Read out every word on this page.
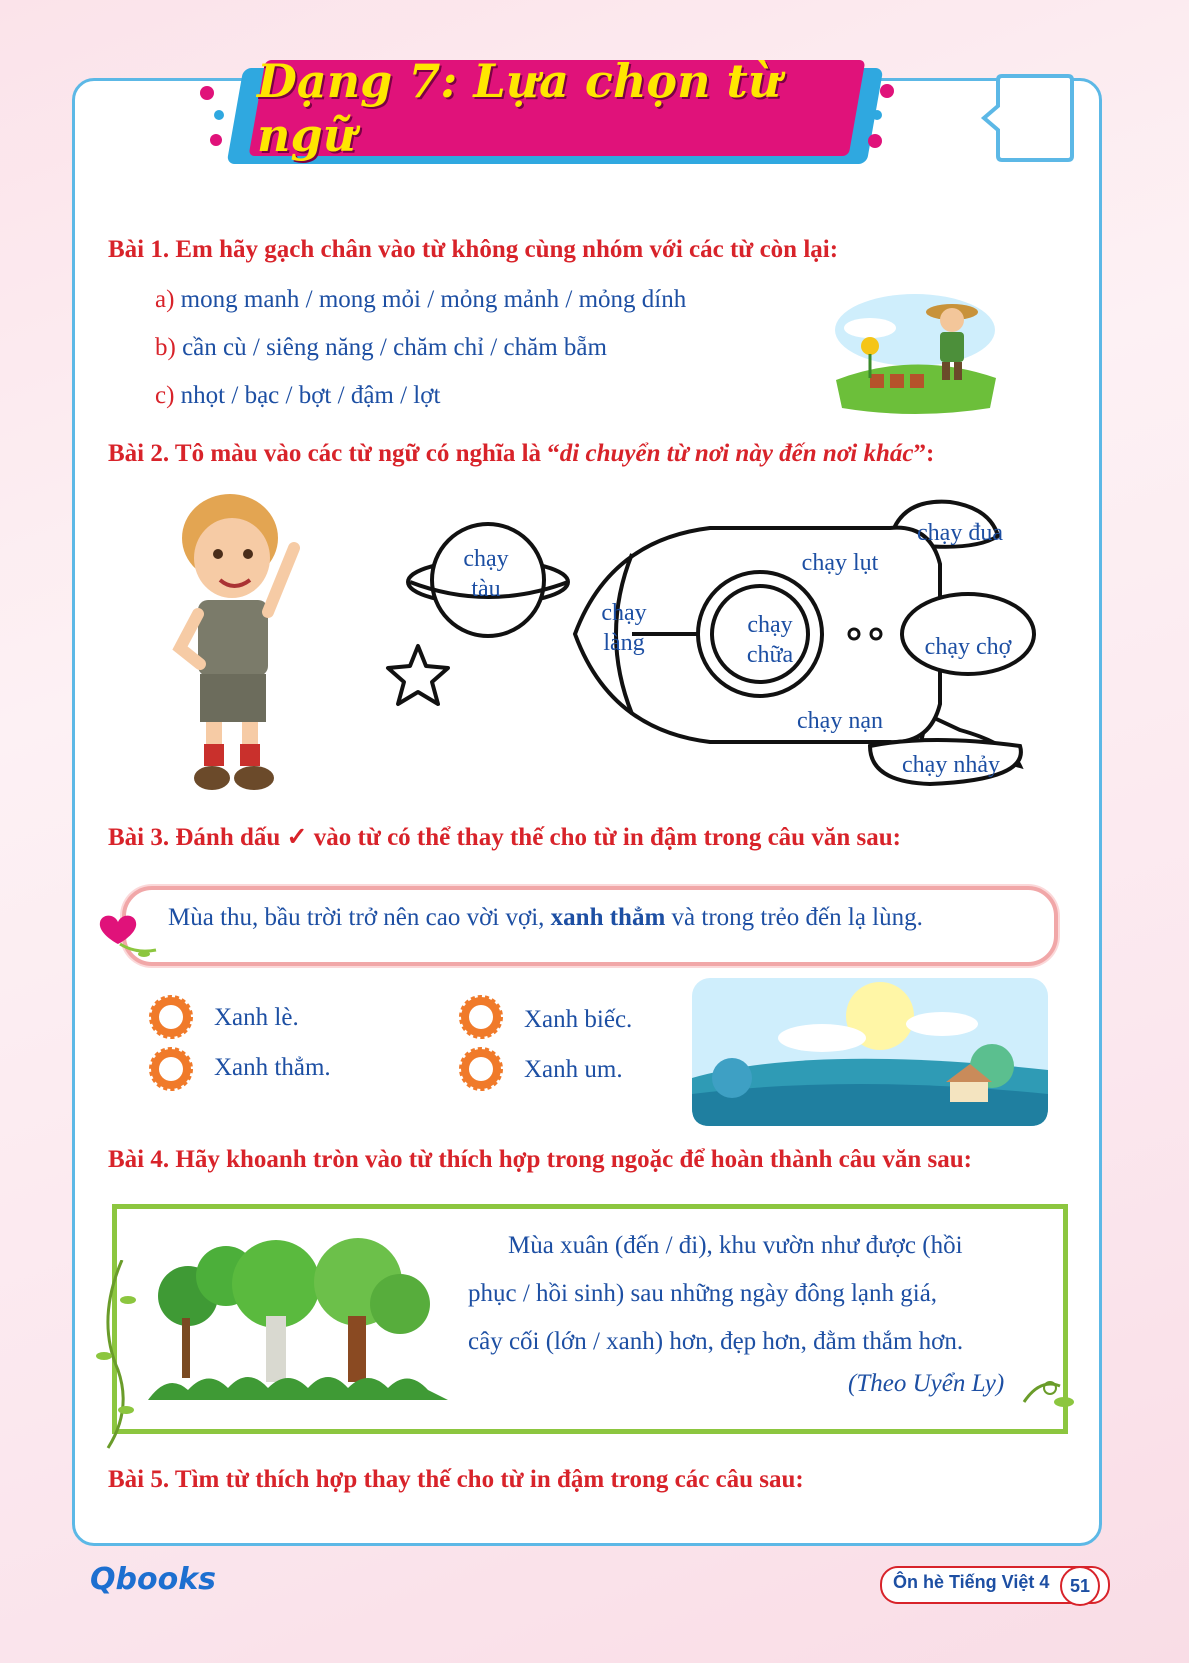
Dạng 7: Lựa chọn từ ngữ
Bài 1. Em hãy gạch chân vào từ không cùng nhóm với các từ còn lại:
a) mong manh / mong mỏi / mỏng mảnh / mỏng dính
b) cần cù / siêng năng / chăm chỉ / chăm bẵm
c) nhọt / bạc / bợt / đậm / lợt
Bài 2. Tô màu vào các từ ngữ có nghĩa là “di chuyển từ nơi này đến nơi khác”:
chạy
tàu
chạy
làng
chạy
chữa
chạy lụt
chạy nạn
chạy đua
chạy chợ
chạy nhảy
Bài 3. Đánh dấu ✓ vào từ có thể thay thế cho từ in đậm trong câu văn sau:
Mùa thu, bầu trời trở nên cao vời vợi, xanh thẳm và trong trẻo đến lạ lùng.
Xanh lè.
Xanh thẳm.
Xanh biếc.
Xanh um.
Bài 4. Hãy khoanh tròn vào từ thích hợp trong ngoặc để hoàn thành câu văn sau:
Mùa xuân (đến / đi), khu vườn như được (hồi
phục / hồi sinh) sau những ngày đông lạnh giá,
cây cối (lớn / xanh) hơn, đẹp hơn, đằm thắm hơn.
(Theo Uyển Ly)
Bài 5. Tìm từ thích hợp thay thế cho từ in đậm trong các câu sau:
Qbooks	Ôn hè Tiếng Việt 4	51
